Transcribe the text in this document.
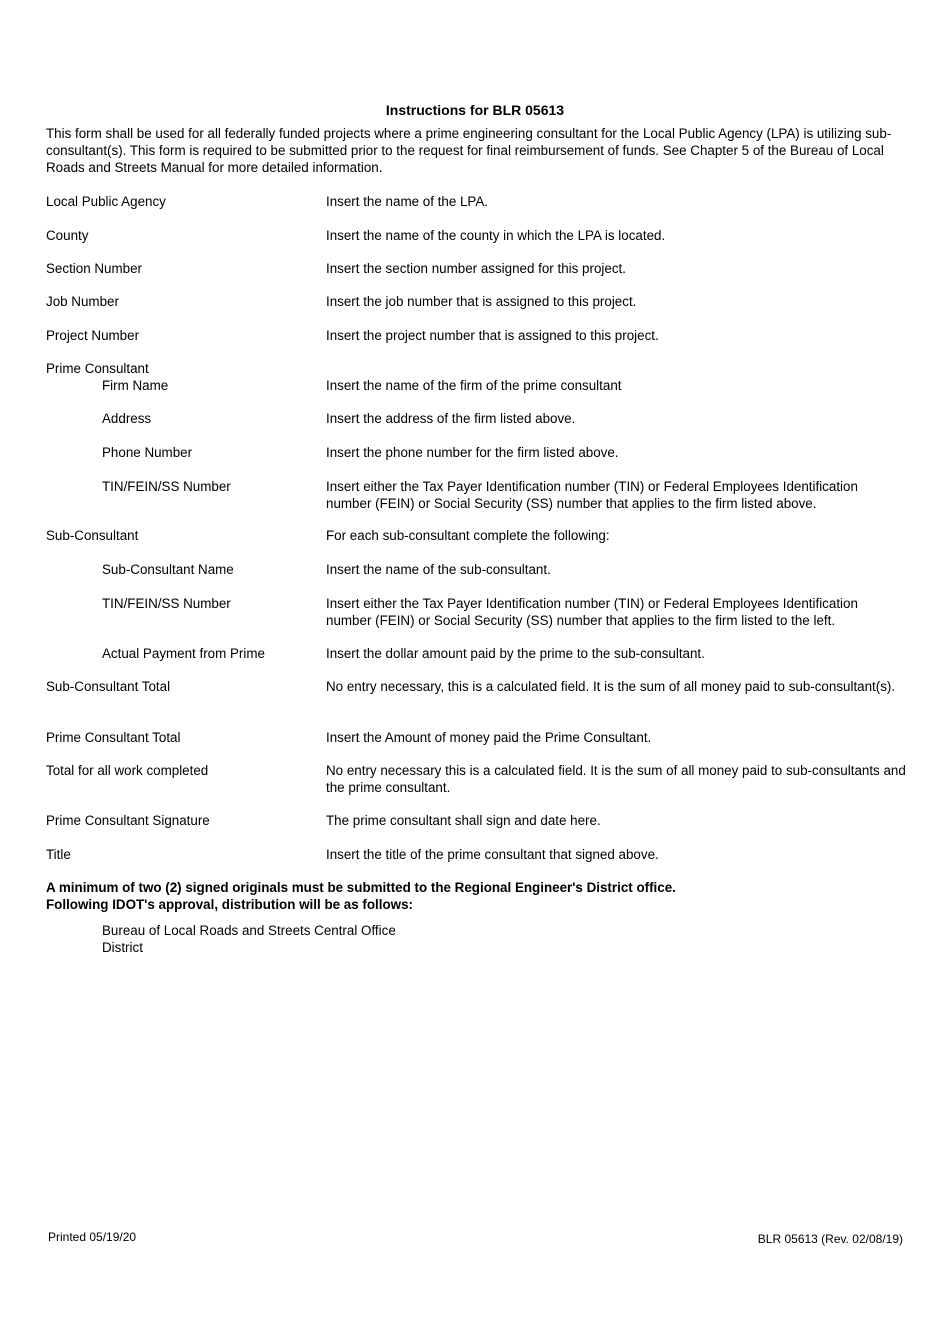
Instructions for BLR 05613
This form shall be used for all federally funded projects where a prime engineering consultant for the Local Public Agency (LPA) is utilizing sub-consultant(s). This form is required to be submitted prior to the request for final reimbursement of funds. See Chapter 5 of the Bureau of Local Roads and Streets Manual for more detailed information.
Local Public Agency	Insert the name of the LPA.
County	Insert the name of the county in which the LPA is located.
Section Number	Insert the section number assigned for this project.
Job Number	Insert the job number that is assigned to this project.
Project Number	Insert the project number that is assigned to this project.
Prime Consultant
Firm Name	Insert the name of the firm of the prime consultant
Address	Insert the address of the firm listed above.
Phone Number	Insert the phone number for the firm listed above.
TIN/FEIN/SS Number	Insert either the Tax Payer Identification number (TIN) or Federal Employees Identification number (FEIN) or Social Security (SS) number that applies to the firm listed above.
Sub-Consultant	For each sub-consultant complete the following:
Sub-Consultant Name	Insert the name of the sub-consultant.
TIN/FEIN/SS Number	Insert either the Tax Payer Identification number (TIN) or Federal Employees Identification number (FEIN) or Social Security (SS) number that applies to the firm listed to the left.
Actual Payment from Prime	Insert the dollar amount paid by the prime to the sub-consultant.
Sub-Consultant Total	No entry necessary, this is a calculated field. It is the sum of all money paid to sub-consultant(s).
Prime Consultant Total	Insert the Amount of money paid the Prime Consultant.
Total for all work completed	No entry necessary this is a calculated field. It is the sum of all money paid to sub-consultants and the prime consultant.
Prime Consultant Signature	The prime consultant shall sign and date here.
Title	Insert the title of the prime consultant that signed above.
A minimum of two (2) signed originals must be submitted to the Regional Engineer's District office.
Following IDOT's approval, distribution will be as follows:
Bureau of Local Roads and Streets Central Office
District
Printed 05/19/20	BLR 05613 (Rev. 02/08/19)
